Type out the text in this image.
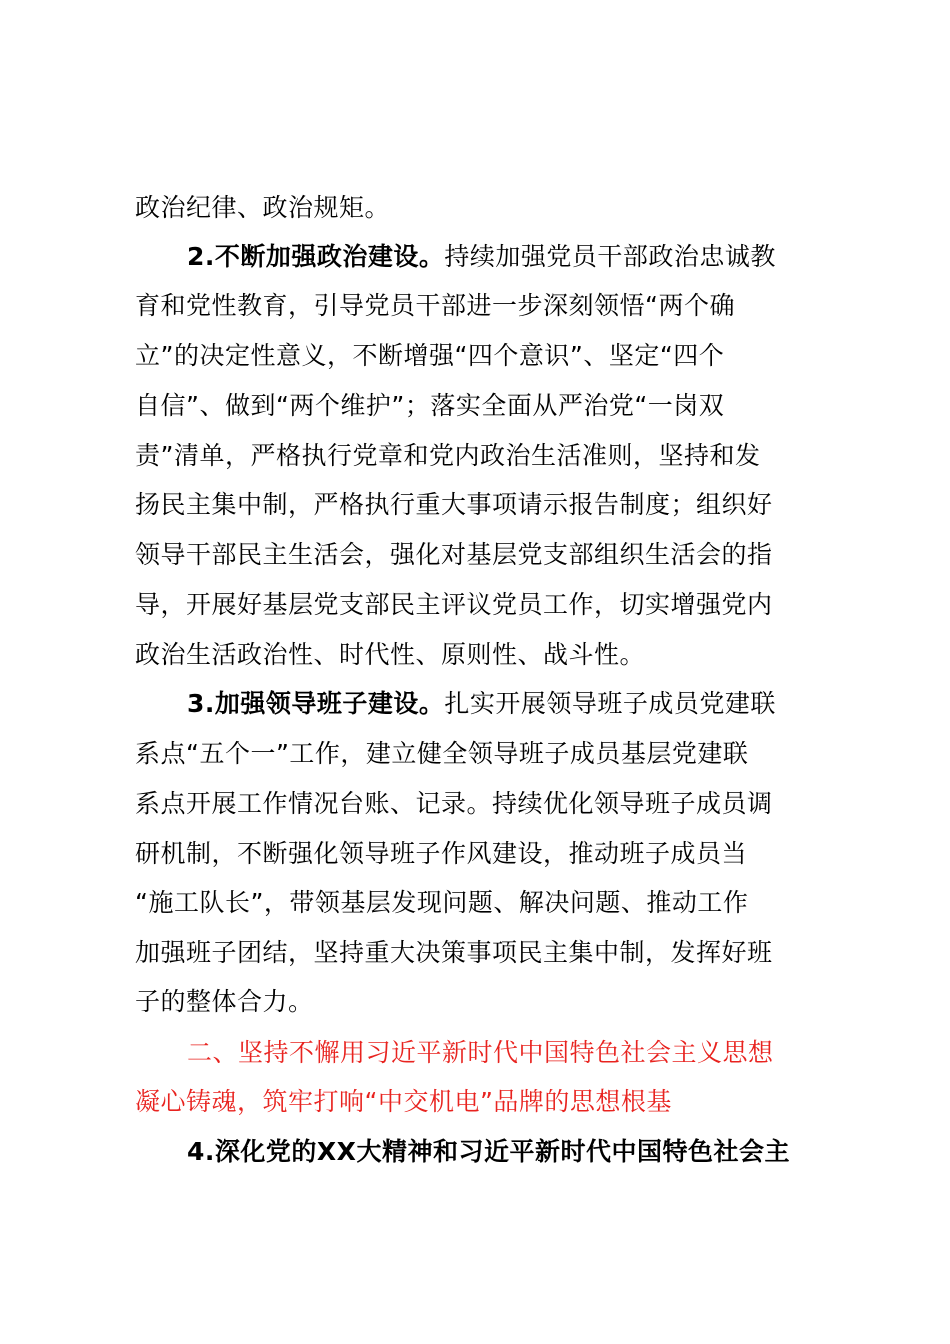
政治纪律、政治规矩。
2.不断加强政治建设。持续加强党员干部政治忠诚教
育和党性教育，引导党员干部进一步深刻领悟“两个确
立”的决定性意义，不断增强“四个意识”、坚定“四个
自信”、做到“两个维护”；落实全面从严治党“一岗双
责”清单，严格执行党章和党内政治生活准则，坚持和发
扬民主集中制，严格执行重大事项请示报告制度；组织好
领导干部民主生活会，强化对基层党支部组织生活会的指
导，开展好基层党支部民主评议党员工作，切实增强党内
政治生活政治性、时代性、原则性、战斗性。
3.加强领导班子建设。扎实开展领导班子成员党建联
系点“五个一”工作，建立健全领导班子成员基层党建联
系点开展工作情况台账、记录。持续优化领导班子成员调
研机制，不断强化领导班子作风建设，推动班子成员当
“施工队长”，带领基层发现问题、解决问题、推动工作
加强班子团结，坚持重大决策事项民主集中制，发挥好班
子的整体合力。
二、坚持不懈用习近平新时代中国特色社会主义思想
凝心铸魂，筑牢打响“中交机电”品牌的思想根基
4.深化党的XX大精神和习近平新时代中国特色社会主
